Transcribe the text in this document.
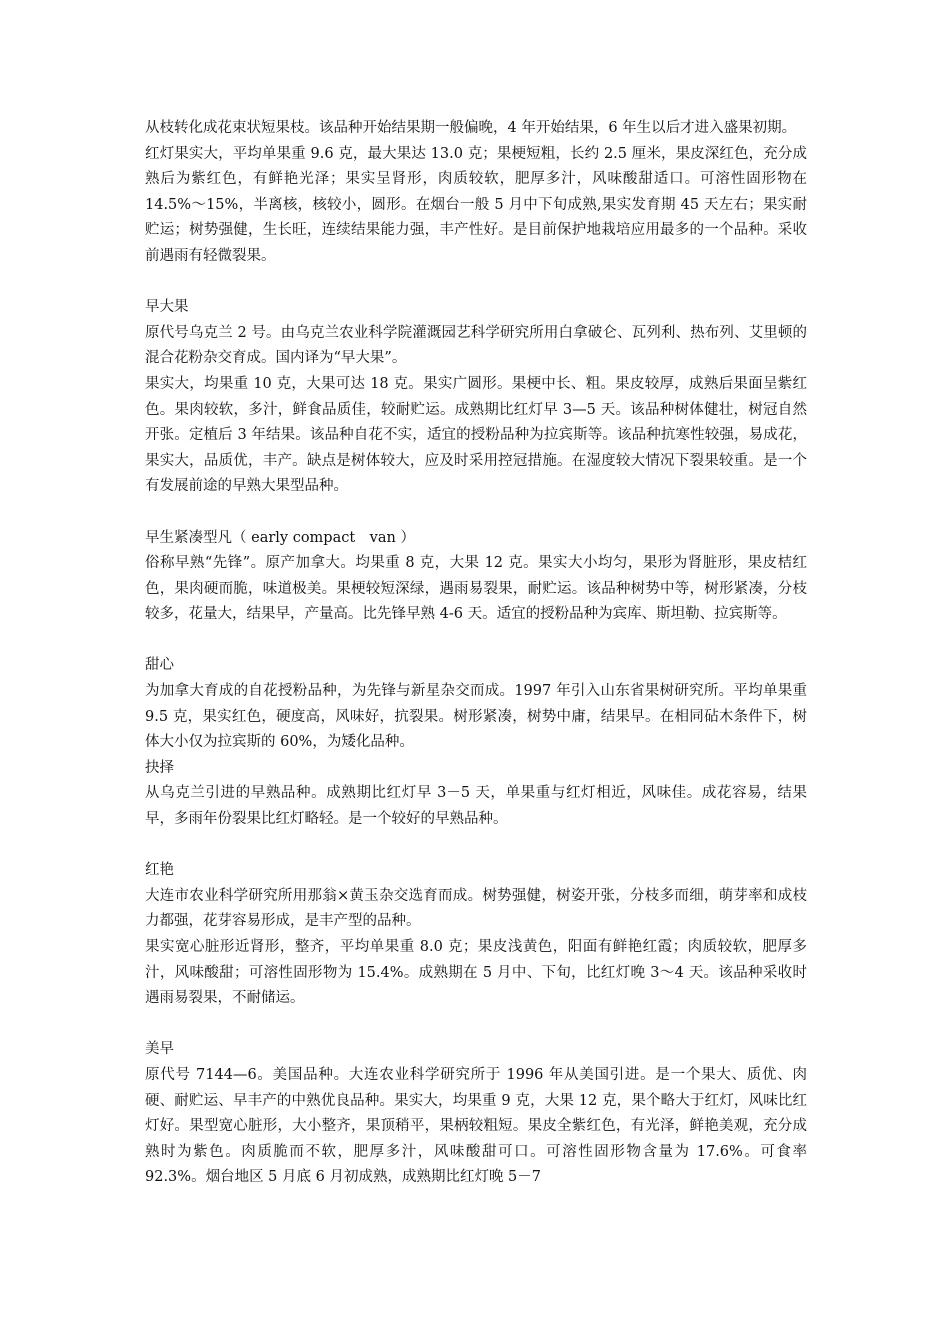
从枝转化成花束状短果枝。该品种开始结果期一般偏晚，4 年开始结果，6 年生以后才进入盛果初期。

红灯果实大，平均单果重 9.6 克，最大果达 13.0 克；果梗短粗，长约 2.5 厘米，果皮深红色，充分成熟后为紫红色，有鲜艳光泽；果实呈肾形，肉质较软，肥厚多汁，风味酸甜适口。可溶性固形物在 14.5%～15%，半离核，核较小，圆形。在烟台一般 5 月中下旬成熟,果实发育期 45 天左右；果实耐贮运；树势强健，生长旺，连续结果能力强，丰产性好。是目前保护地栽培应用最多的一个品种。采收前遇雨有轻微裂果。

早大果

原代号乌克兰 2 号。由乌克兰农业科学院灌溉园艺科学研究所用白拿破仑、瓦列利、热布列、艾里顿的混合花粉杂交育成。国内译为“早大果”。

果实大，均果重 10 克，大果可达 18 克。果实广圆形。果梗中长、粗。果皮较厚，成熟后果面呈紫红色。果肉较软，多汁，鲜食品质佳，较耐贮运。成熟期比红灯早 3—5 天。该品种树体健壮，树冠自然开张。定植后 3 年结果。该品种自花不实，适宜的授粉品种为拉宾斯等。该品种抗寒性较强，易成花，果实大，品质优，丰产。缺点是树体较大，应及时采用控冠措施。在湿度较大情况下裂果较重。是一个有发展前途的早熟大果型品种。

早生紧凑型凡（ early compact　van ）

俗称早熟“先锋”。原产加拿大。均果重 8 克，大果 12 克。果实大小均匀，果形为肾脏形，果皮桔红色，果肉硬而脆，味道极美。果梗较短深绿，遇雨易裂果，耐贮运。该品种树势中等，树形紧凑，分枝较多，花量大，结果早，产量高。比先锋早熟 4-6 天。适宜的授粉品种为宾库、斯坦勒、拉宾斯等。

甜心

为加拿大育成的自花授粉品种，为先锋与新星杂交而成。1997 年引入山东省果树研究所。平均单果重 9.5 克，果实红色，硬度高，风味好，抗裂果。树形紧凑，树势中庸，结果早。在相同砧木条件下，树体大小仅为拉宾斯的 60%，为矮化品种。

抉择

从乌克兰引进的早熟品种。成熟期比红灯早 3－5 天，单果重与红灯相近，风味佳。成花容易，结果早，多雨年份裂果比红灯略轻。是一个较好的早熟品种。

红艳

大连市农业科学研究所用那翁×黄玉杂交选育而成。树势强健，树姿开张，分枝多而细，萌芽率和成枝力都强，花芽容易形成，是丰产型的品种。

果实宽心脏形近肾形，整齐，平均单果重 8.0 克；果皮浅黄色，阳面有鲜艳红霞；肉质较软，肥厚多汁，风味酸甜；可溶性固形物为 15.4%。成熟期在 5 月中、下旬，比红灯晚 3～4 天。该品种采收时遇雨易裂果，不耐储运。

美早

原代号 7144—6。美国品种。大连农业科学研究所于 1996 年从美国引进。是一个果大、质优、肉硬、耐贮运、早丰产的中熟优良品种。果实大，均果重 9 克，大果 12 克，果个略大于红灯，风味比红灯好。果型宽心脏形，大小整齐，果顶稍平，果柄较粗短。果皮全紫红色，有光泽，鲜艳美观，充分成熟时为紫色。肉质脆而不软，肥厚多汁，风味酸甜可口。可溶性固形物含量为 17.6%。可食率 92.3%。烟台地区 5 月底 6 月初成熟，成熟期比红灯晚 5－7
